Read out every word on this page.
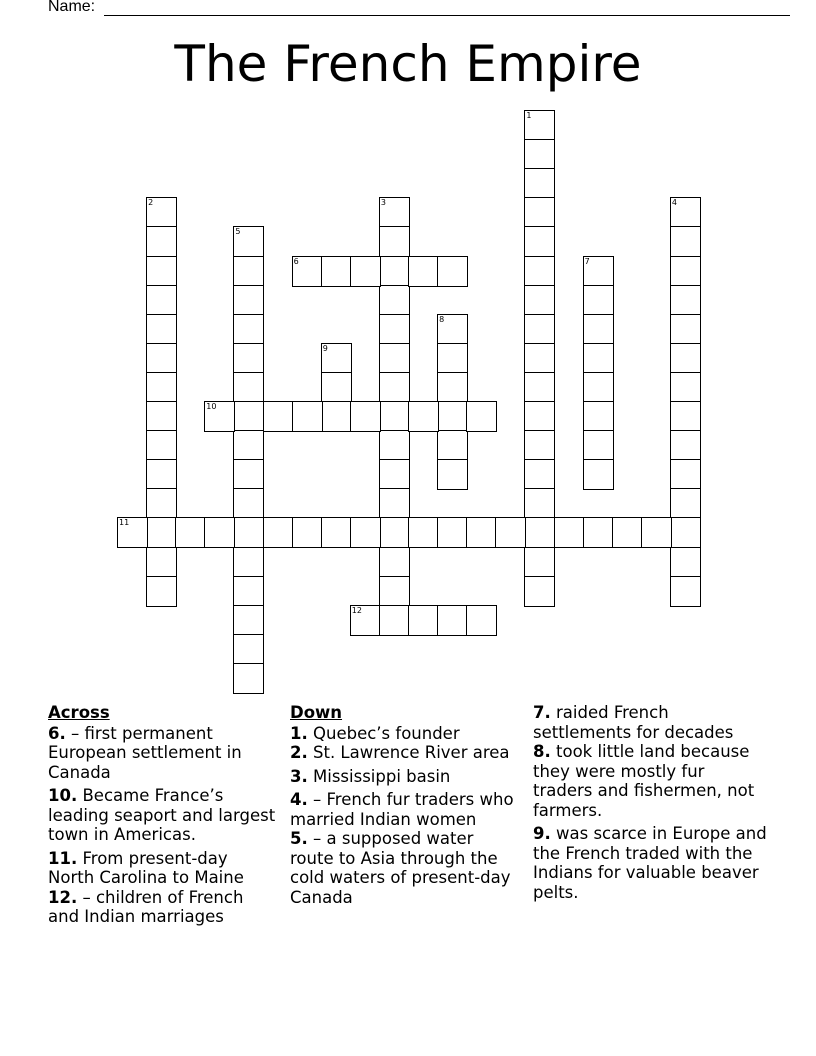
Name:
The French Empire
1
2	3	4
5
6	7
8
9
10
11
12
Across
6. – first permanent European settlement in Canada
10. Became France’s leading seaport and largest town in Americas.
11. From present-day North Carolina to Maine
12. – children of French and Indian marriages
Down
1. Quebec’s founder
2. St. Lawrence River area
3. Mississippi basin
4. – French fur traders who married Indian women
5. – a supposed water route to Asia through the cold waters of present-day Canada
7. raided French settlements for decades
8. took little land because they were mostly fur traders and fishermen, not farmers.
9. was scarce in Europe and the French traded with the Indians for valuable beaver pelts.
